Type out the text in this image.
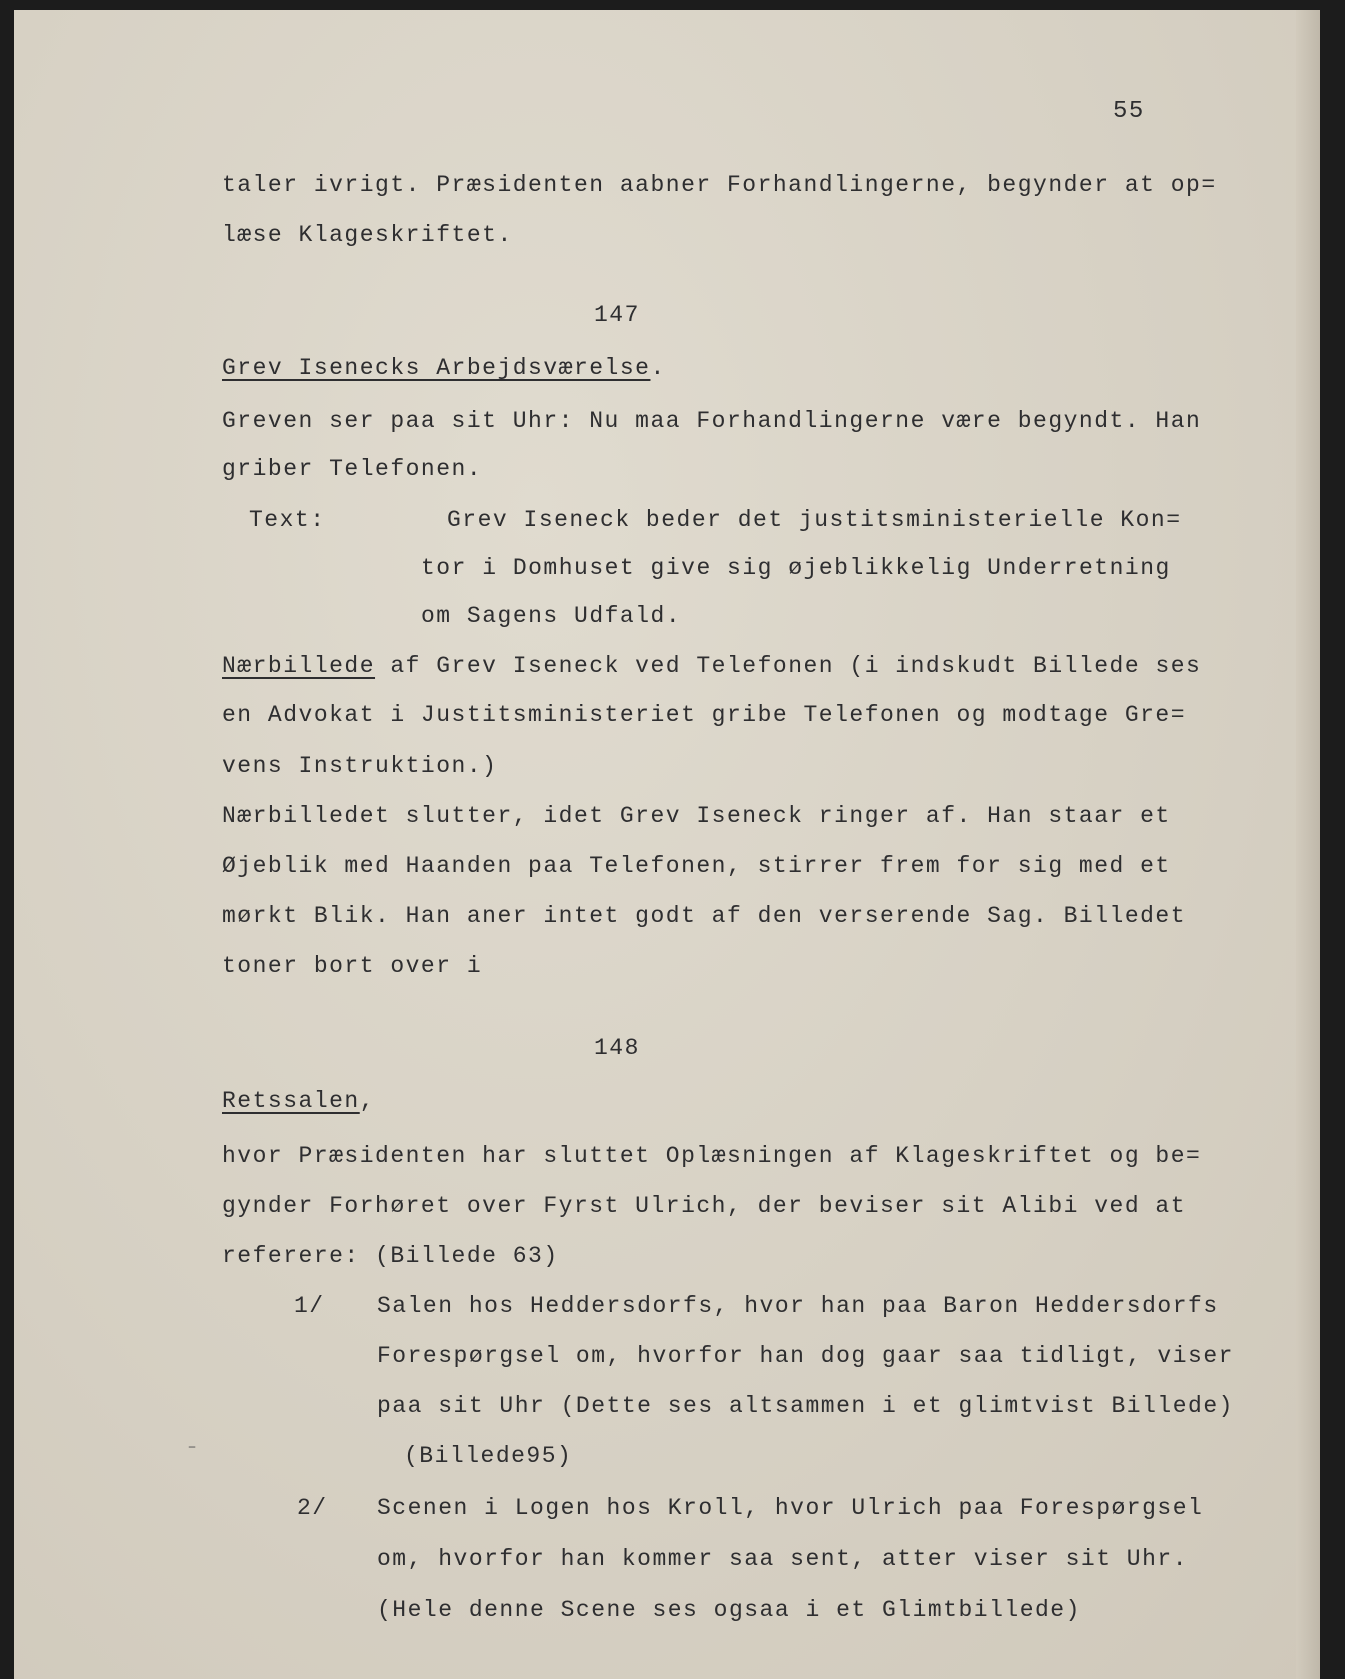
55
taler ivrigt. Præsidenten aabner Forhandlingerne, begynder at op=
læse Klageskriftet.
147
Grev Isenecks Arbejdsværelse.
Greven ser paa sit Uhr: Nu maa Forhandlingerne være begyndt. Han
griber Telefonen.
Text:	Grev Iseneck beder det justitsministerielle Kon=
tor i Domhuset give sig øjeblikkelig Underretning
om Sagens Udfald.
Nærbillede af Grev Iseneck ved Telefonen (i indskudt Billede ses
en Advokat i Justitsministeriet gribe Telefonen og modtage Gre=
vens Instruktion.)
Nærbilledet slutter, idet Grev Iseneck ringer af. Han staar et
Øjeblik med Haanden paa Telefonen, stirrer frem for sig med et
mørkt Blik. Han aner intet godt af den verserende Sag. Billedet
toner bort over i
148
Retssalen,
hvor Præsidenten har sluttet Oplæsningen af Klageskriftet og be=
gynder Forhøret over Fyrst Ulrich, der beviser sit Alibi ved at
referere: (Billede 63)
1/ Salen hos Heddersdorfs, hvor han paa Baron Heddersdorfs
Forespørgsel om, hvorfor han dog gaar saa tidligt, viser
paa sit Uhr (Dette ses altsammen i et glimtvist Billede)
(Billede95)
⁻
2/ Scenen i Logen hos Kroll, hvor Ulrich paa Forespørgsel
om, hvorfor han kommer saa sent, atter viser sit Uhr.
(Hele denne Scene ses ogsaa i et Glimtbillede)
